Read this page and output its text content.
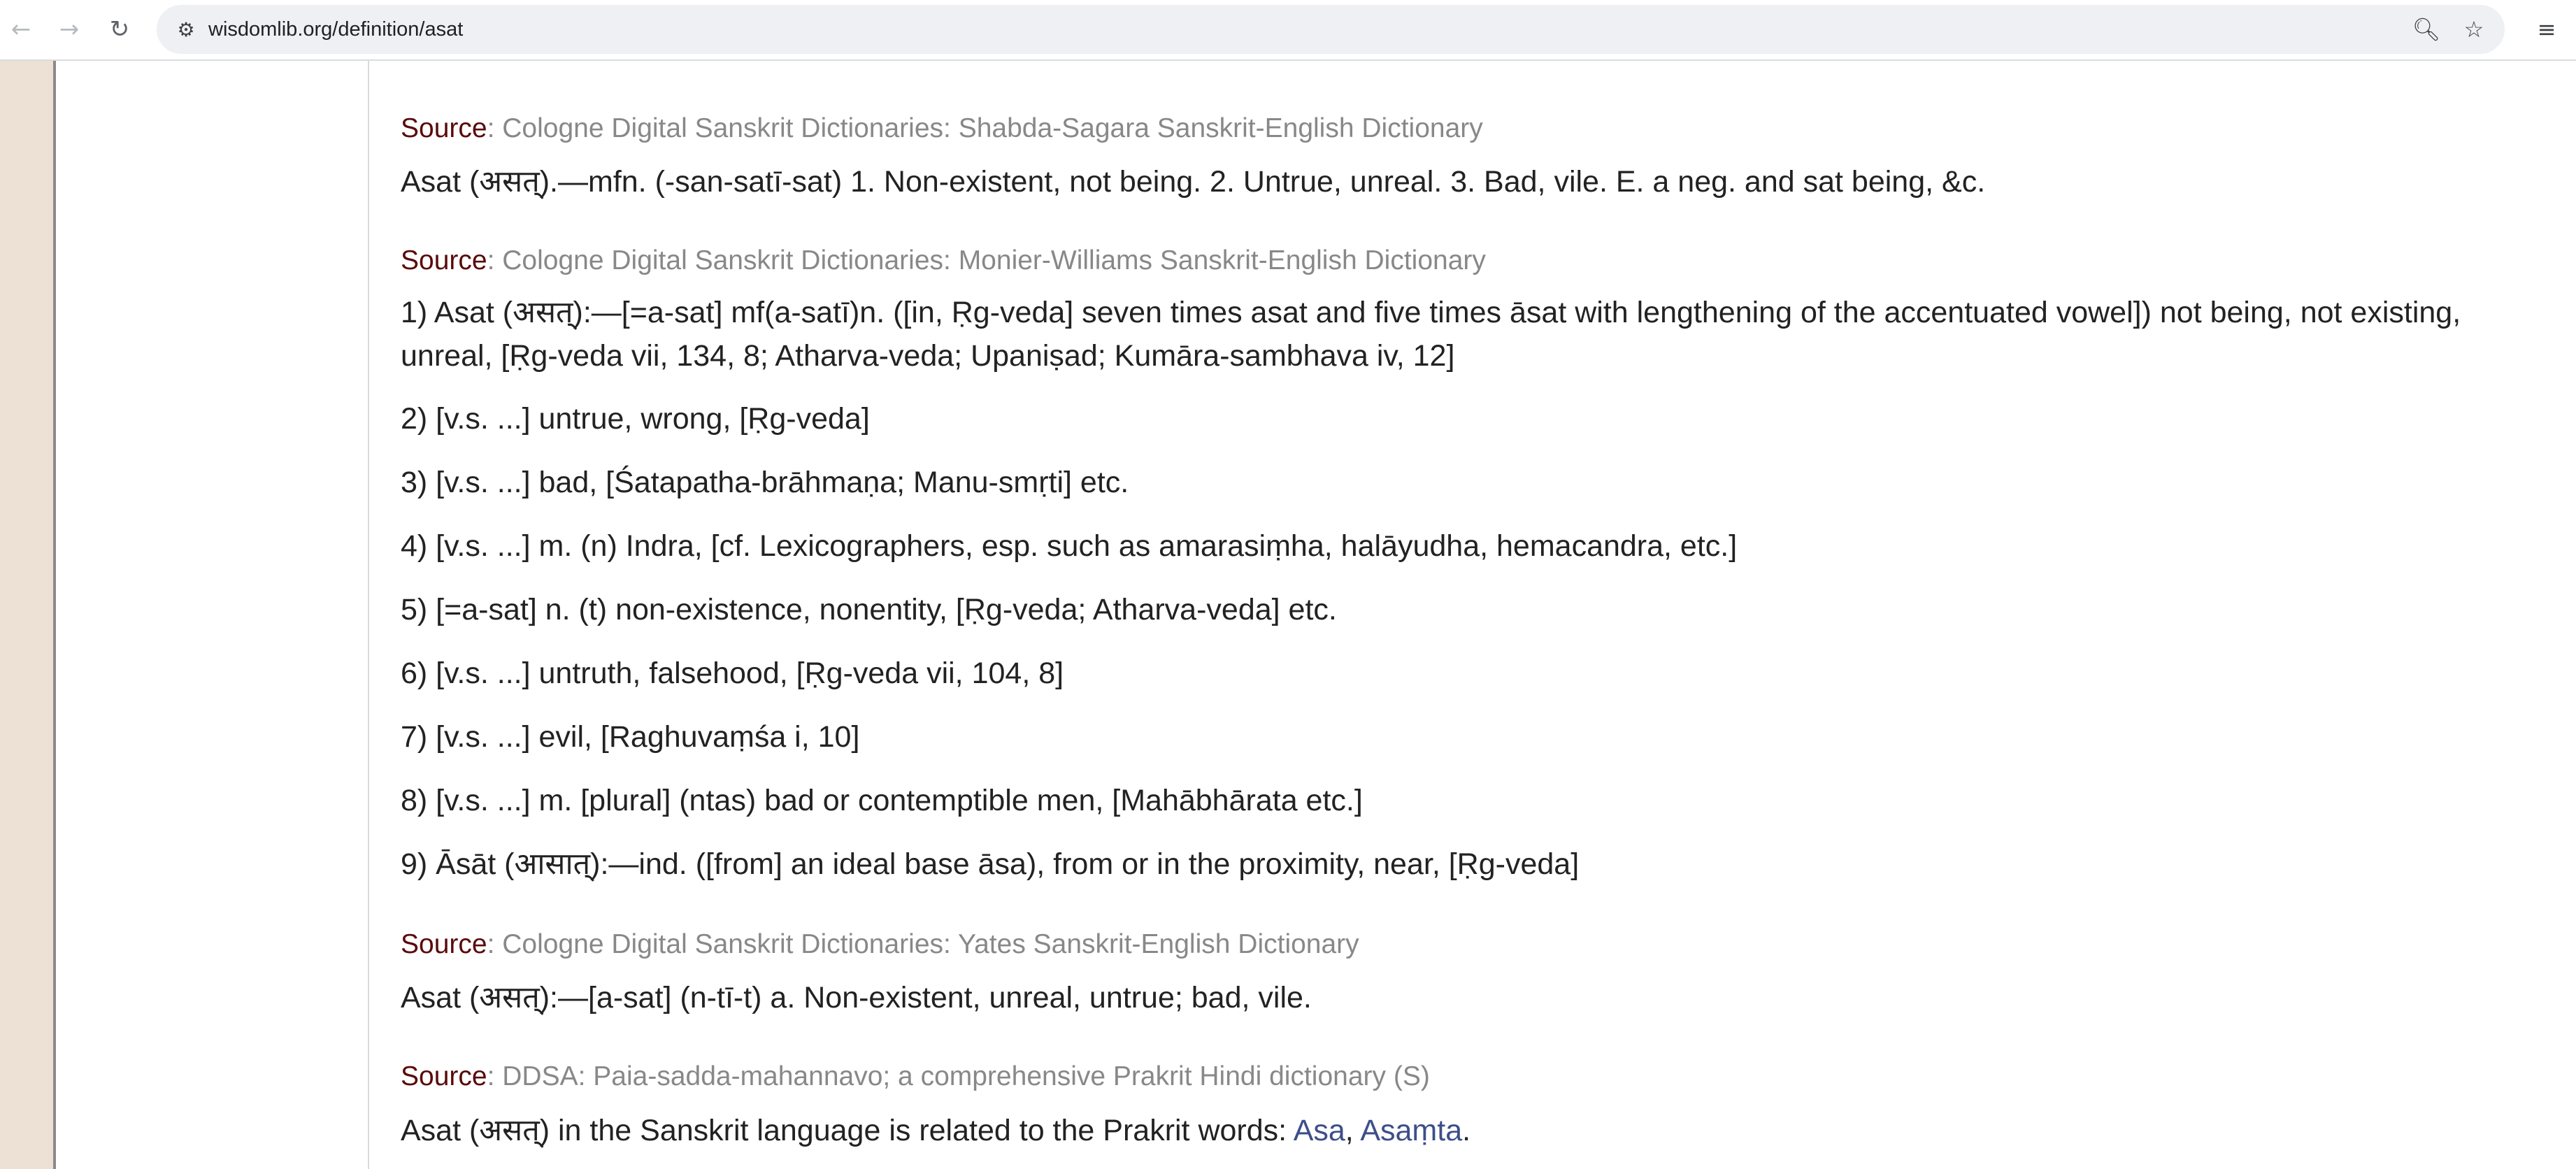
← → ↻ ⚙ wisdomlib.org/definition/asat	🔍︎ ☆ ≡
Source: Cologne Digital Sanskrit Dictionaries: Shabda-Sagara Sanskrit-English Dictionary
Asat (असत्).—mfn. (-san-satī-sat) 1. Non-existent, not being. 2. Untrue, unreal. 3. Bad, vile. E. a neg. and sat being, &c.
Source: Cologne Digital Sanskrit Dictionaries: Monier-Williams Sanskrit-English Dictionary
1) Asat (असत्):—[=a-sat] mf(a-satī)n. ([in, Ṛg-veda] seven times asat and five times āsat with lengthening of the accentuated vowel]) not being, not existing, unreal, [Ṛg-veda vii, 134, 8; Atharva-veda; Upaniṣad; Kumāra-sambhava iv, 12]
2) [v.s. ...] untrue, wrong, [Ṛg-veda]
3) [v.s. ...] bad, [Śatapatha-brāhmaṇa; Manu-smṛti] etc.
4) [v.s. ...] m. (n) Indra, [cf. Lexicographers, esp. such as amarasiṃha, halāyudha, hemacandra, etc.]
5) [=a-sat] n. (t) non-existence, nonentity, [Ṛg-veda; Atharva-veda] etc.
6) [v.s. ...] untruth, falsehood, [Ṛg-veda vii, 104, 8]
7) [v.s. ...] evil, [Raghuvaṃśa i, 10]
8) [v.s. ...] m. [plural] (ntas) bad or contemptible men, [Mahābhārata etc.]
9) Āsāt (आसात्):—ind. ([from] an ideal base āsa), from or in the proximity, near, [Ṛg-veda]
Source: Cologne Digital Sanskrit Dictionaries: Yates Sanskrit-English Dictionary
Asat (असत्):—[a-sat] (n-tī-t) a. Non-existent, unreal, untrue; bad, vile.
Source: DDSA: Paia-sadda-mahannavo; a comprehensive Prakrit Hindi dictionary (S)
Asat (असत्) in the Sanskrit language is related to the Prakrit words: Asa, Asaṃta.
